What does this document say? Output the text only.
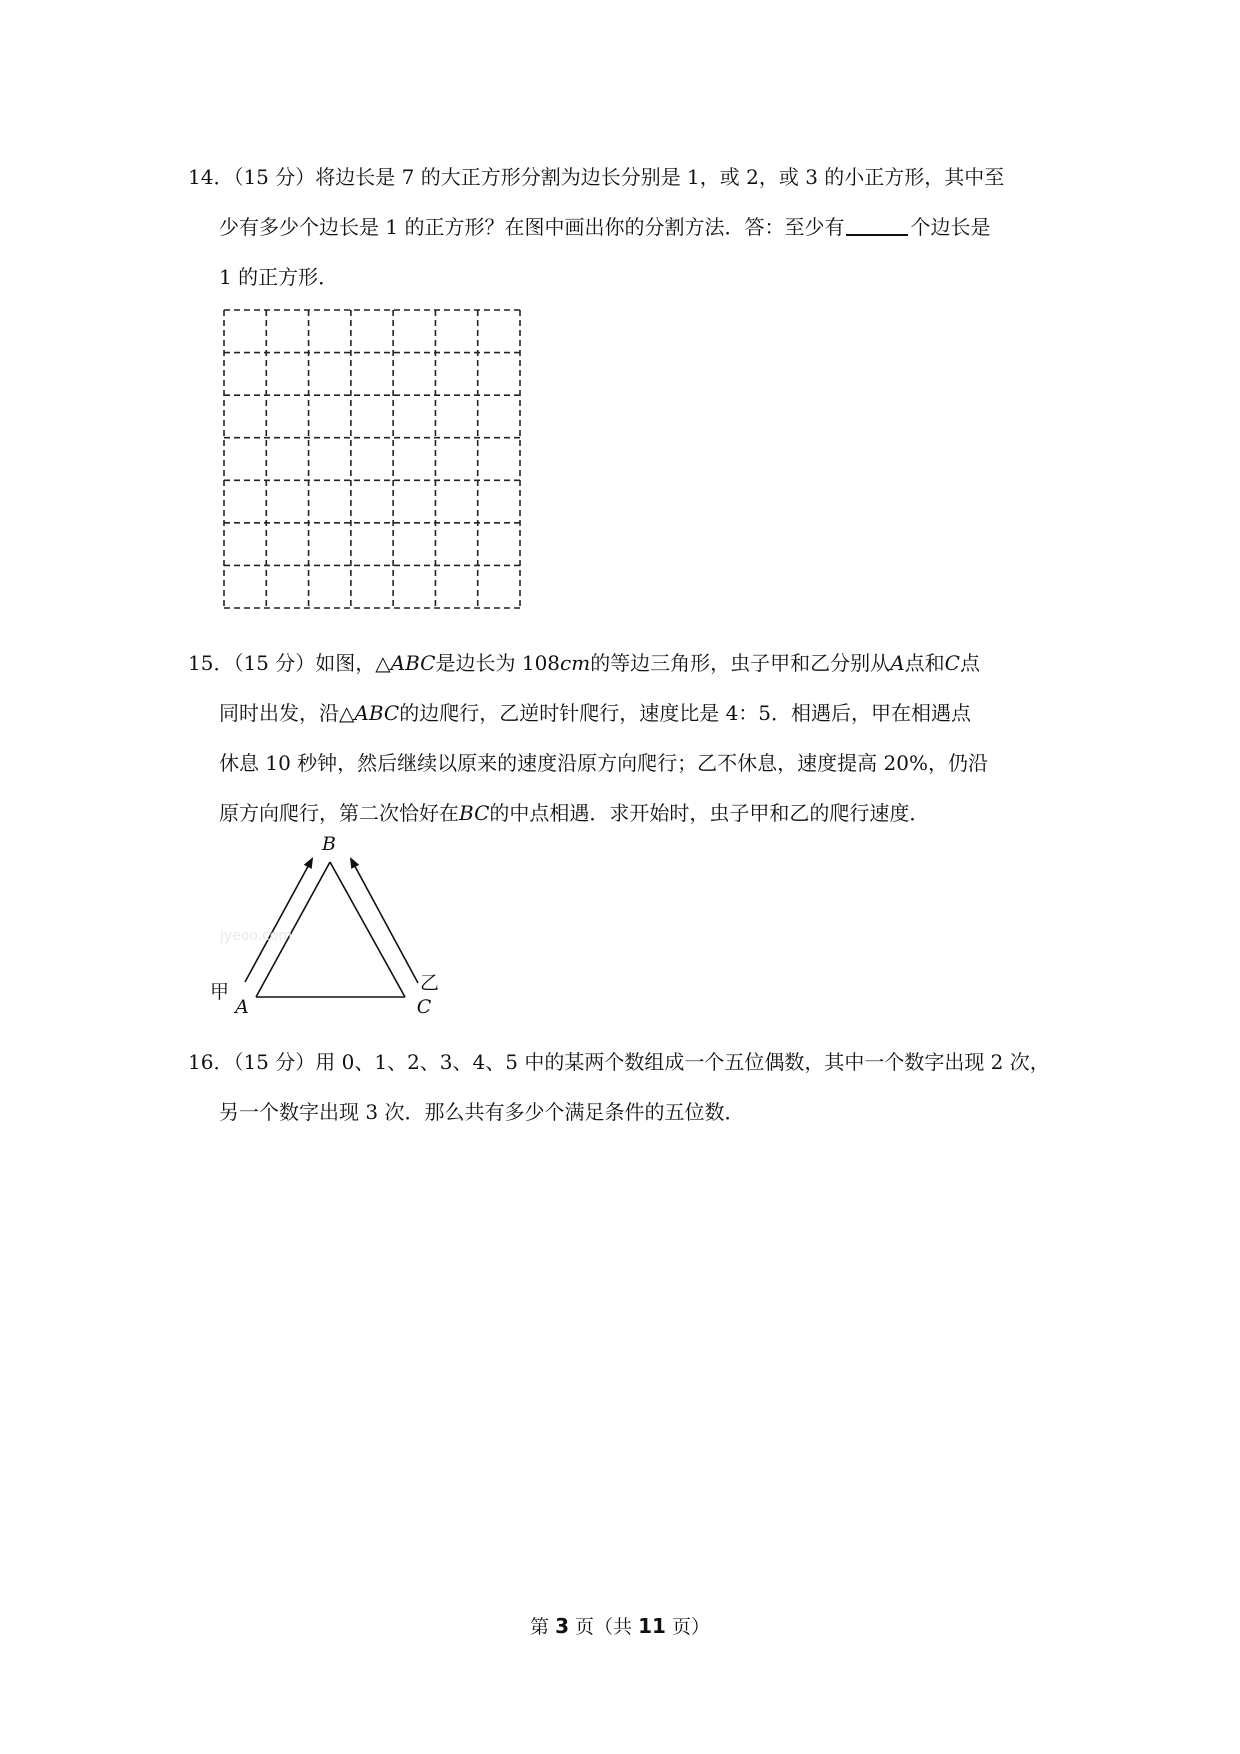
14．（15 分）将边长是 7 的大正方形分割为边长分别是 1，或 2，或 3 的小正方形，其中至
少有多少个边长是 1 的正方形？在图中画出你的分割方法．答：至少有	个边长是
1 的正方形．
15．（15 分）如图，△ABC是边长为 108cm的等边三角形，虫子甲和乙分别从A点和C点
同时出发，沿△ABC的边爬行，乙逆时针爬行，速度比是 4：5．相遇后，甲在相遇点
休息 10 秒钟，然后继续以原来的速度沿原方向爬行；乙不休息，速度提高 20%，仍沿
原方向爬行，第二次恰好在BC的中点相遇．求开始时，虫子甲和乙的爬行速度．
jyeoo.com
B
A	C
甲	乙
16．（15 分）用 0、1、2、3、4、5 中的某两个数组成一个五位偶数，其中一个数字出现 2 次，
另一个数字出现 3 次．那么共有多少个满足条件的五位数．
第 3 页（共 11 页）
